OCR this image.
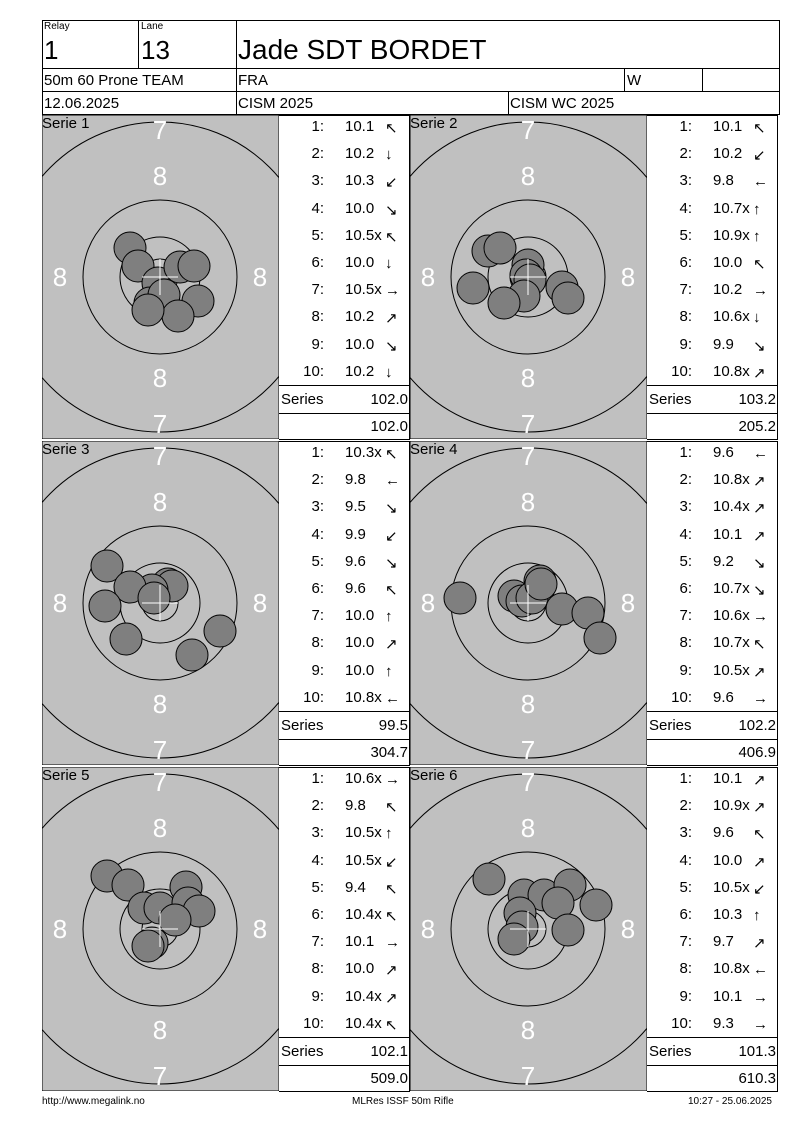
Relay
1
Lane
13 Jade SDT BORDET
50m 60 Prone TEAM	FRA	W
12.06.2025	CISM 2025	CISM WC 2025
7
8
8
7
8	8
Serie 1	1: 10.1 ↖
2: 10.2 ↓
3: 10.3 ↙
4: 10.0 ↘
5: 10.5x ↖
6: 10.0 ↓
7: 10.5x →
8: 10.2 ↗
9: 10.0 ↘
10: 10.2 ↓
Series	102.0
102.0
7
8
8
7
8	8
Serie 2	1: 10.1 ↖
2: 10.2 ↙
3: 9.8 ←
4: 10.7x ↑
5: 10.9x ↑
6: 10.0 ↖
7: 10.2 →
8: 10.6x ↓
9: 9.9 ↘
10: 10.8x ↗
Series	103.2
205.2
7
8
8
7
8	8
Serie 3	1: 10.3x ↖
2: 9.8 ←
3: 9.5 ↘
4: 9.9 ↙
5: 9.6 ↘
6: 9.6 ↖
7: 10.0 ↑
8: 10.0 ↗
9: 10.0 ↑
10: 10.8x ←
Series	99.5
304.7
7
8
8
7
8	8
Serie 4	1: 9.6 ←
2: 10.8x ↗
3: 10.4x ↗
4: 10.1 ↗
5: 9.2 ↘
6: 10.7x ↘
7: 10.6x →
8: 10.7x ↖
9: 10.5x ↗
10: 9.6 →
Series	102.2
406.9
7
8
8
7
8	8
Serie 5	1: 10.6x →
2: 9.8 ↖
3: 10.5x ↑
4: 10.5x ↙
5: 9.4 ↖
6: 10.4x ↖
7: 10.1 →
8: 10.0 ↗
9: 10.4x ↗
10: 10.4x ↖
Series	102.1
509.0
7
8
8
7
8	8
Serie 6	1: 10.1 ↗
2: 10.9x ↗
3: 9.6 ↖
4: 10.0 ↗
5: 10.5x ↙
6: 10.3 ↑
7: 9.7 ↗
8: 10.8x ←
9: 10.1 →
10: 9.3 →
Series	101.3
610.3
http://www.megalink.no	MLRes ISSF 50m Rifle	10:27 - 25.06.2025
